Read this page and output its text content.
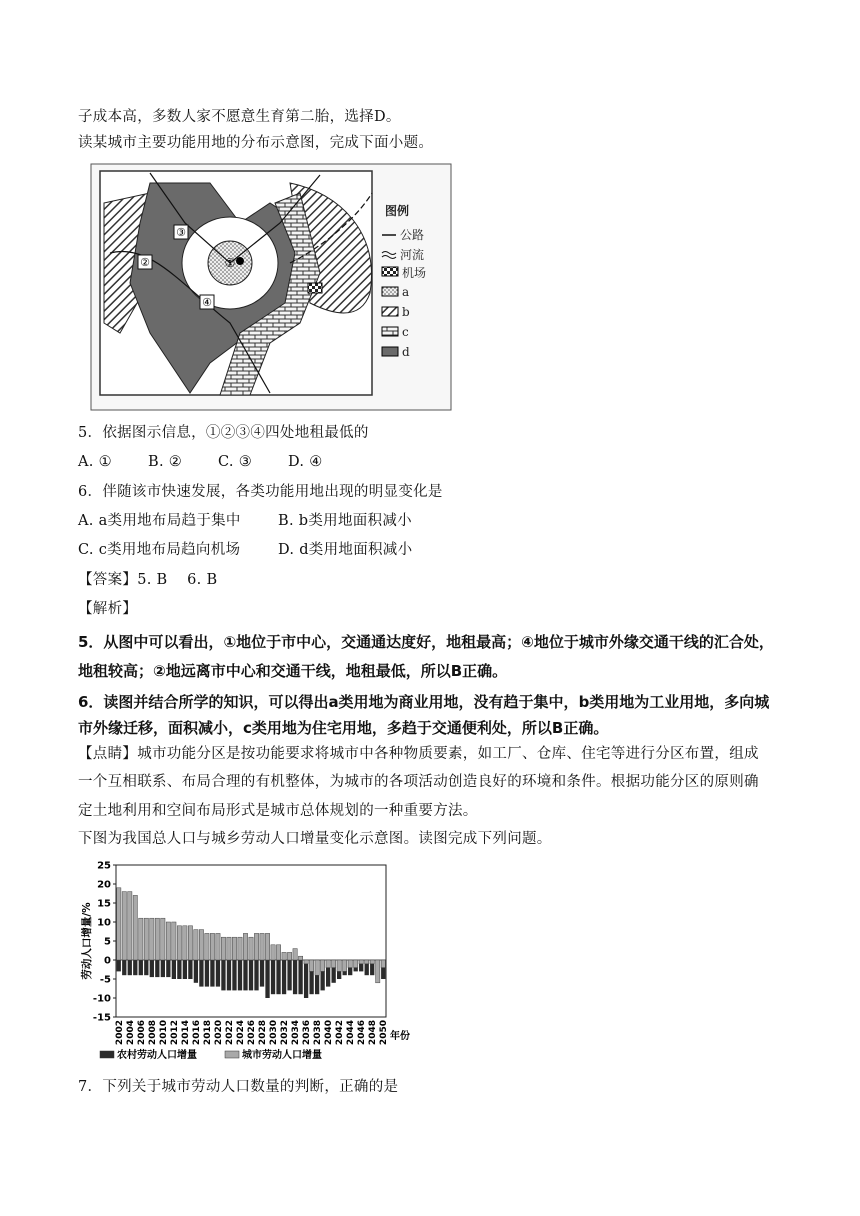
子成本高，多数人家不愿意生育第二胎，选择D。
读某城市主要功能用地的分布示意图，完成下面小题。
③
②	①
④
图例
公路
河流
机场
a
b
c
d
5．依据图示信息，①②③④四处地租最低的
A. ① B. ② C. ③ D. ④
6．伴随该市快速发展，各类功能用地出现的明显变化是
A. a类用地布局趋于集中	B. b类用地面积减小
C. c类用地布局趋向机场	D. d类用地面积减小
【答案】5. B    6. B
【解析】
5．从图中可以看出，①地位于市中心，交通通达度好，地租最高；④地位于城市外缘交通干线的汇合处，
地租较高；②地远离市中心和交通干线，地租最低，所以B正确。
6．读图并结合所学的知识，可以得出a类用地为商业用地，没有趋于集中，b类用地为工业用地，多向城
市外缘迁移，面积减小，c类用地为住宅用地，多趋于交通便利处，所以B正确。
【点睛】城市功能分区是按功能要求将城市中各种物质要素，如工厂、仓库、住宅等进行分区布置，组成
一个互相联系、布局合理的有机整体，为城市的各项活动创造良好的环境和条件。根据功能分区的原则确
定土地利用和空间布局形式是城市总体规划的一种重要方法。
下图为我国总人口与城乡劳动人口增量变化示意图。读图完成下列问题。
-15
-10
-5
0
5
10
15
20
25
2002 2004 2006 2008 2010 2012 2014 2016 2018 2020 2022 2024 2026 2028 2030 2032 2034 2036 2038 2040 2042 2044 2046 2048 2050 年份
劳动人口增量/%
农村劳动人口增量	城市劳动人口增量
7．下列关于城市劳动人口数量的判断，正确的是
